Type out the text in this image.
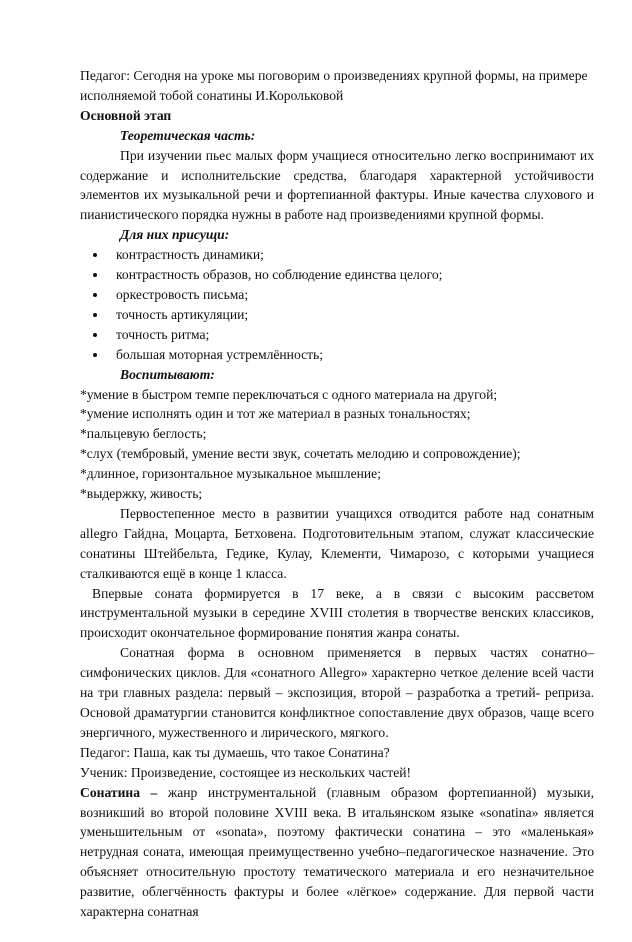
Педагог: Сегодня на уроке мы поговорим о произведениях крупной формы, на примере исполняемой тобой сонатины И.Корольковой

Основной этап

Теоретическая часть:

При изучении пьес малых форм учащиеся относительно легко воспринимают их содержание и исполнительские средства, благодаря характерной устойчивости элементов их музыкальной речи и фортепианной фактуры. Иные качества слухового и пианистического порядка нужны в работе над произведениями крупной формы.

Для них присущи:

контрастность динамики;
контрастность образов, но соблюдение единства целого;
оркестровость письма;
точность артикуляции;
точность ритма;
большая моторная устремлённость;

Воспитывают:

*умение в быстром темпе переключаться с одного материала на другой;

*умение исполнять один и тот же материал в разных тональностях;

*пальцевую беглость;

*слух (тембровый, умение вести звук, сочетать мелодию и сопровождение);

*длинное, горизонтальное музыкальное мышление;

*выдержку, живость;

Первостепенное место в развитии учащихся отводится работе над сонатным allegro Гайдна, Моцарта, Бетховена. Подготовительным этапом, служат классические сонатины Штейбельта, Гедике, Кулау, Клементи, Чимарозо, с которыми учащиеся сталкиваются ещё в конце 1 класса.

Впервые соната формируется в 17 веке, а в связи с высоким рассветом инструментальной музыки в середине XVIII столетия в творчестве венских классиков, происходит окончательное формирование понятия жанра сонаты.

Сонатная форма в основном применяется в первых частях сонатно–симфонических циклов. Для «сонатного Allegro» характерно четкое деление всей части на три главных раздела: первый – экспозиция, второй – разработка а третий- репризa. Основой драматургии становится конфликтное сопоставление двух образов, чаще всего энергичного, мужественного и лирического, мягкого.

Педагог: Паша, как ты думаешь, что такое Сонатина?

Ученик: Произведение, состоящее из нескольких частей!

Сонатина – жанр инструментальной (главным образом фортепианной) музыки, возникший во второй половине XVIII века. В итальянском языке «sonatina» является уменьшительным от «sonata», поэтому фактически сонатина – это «маленькая» нетрудная соната, имеющая преимущественно учебно–педагогическое назначение. Это объясняет относительную простоту тематического материала и его незначительное развитие, облегчённость фактуры и более «лёгкое» содержание. Для первой части характерна сонатная
